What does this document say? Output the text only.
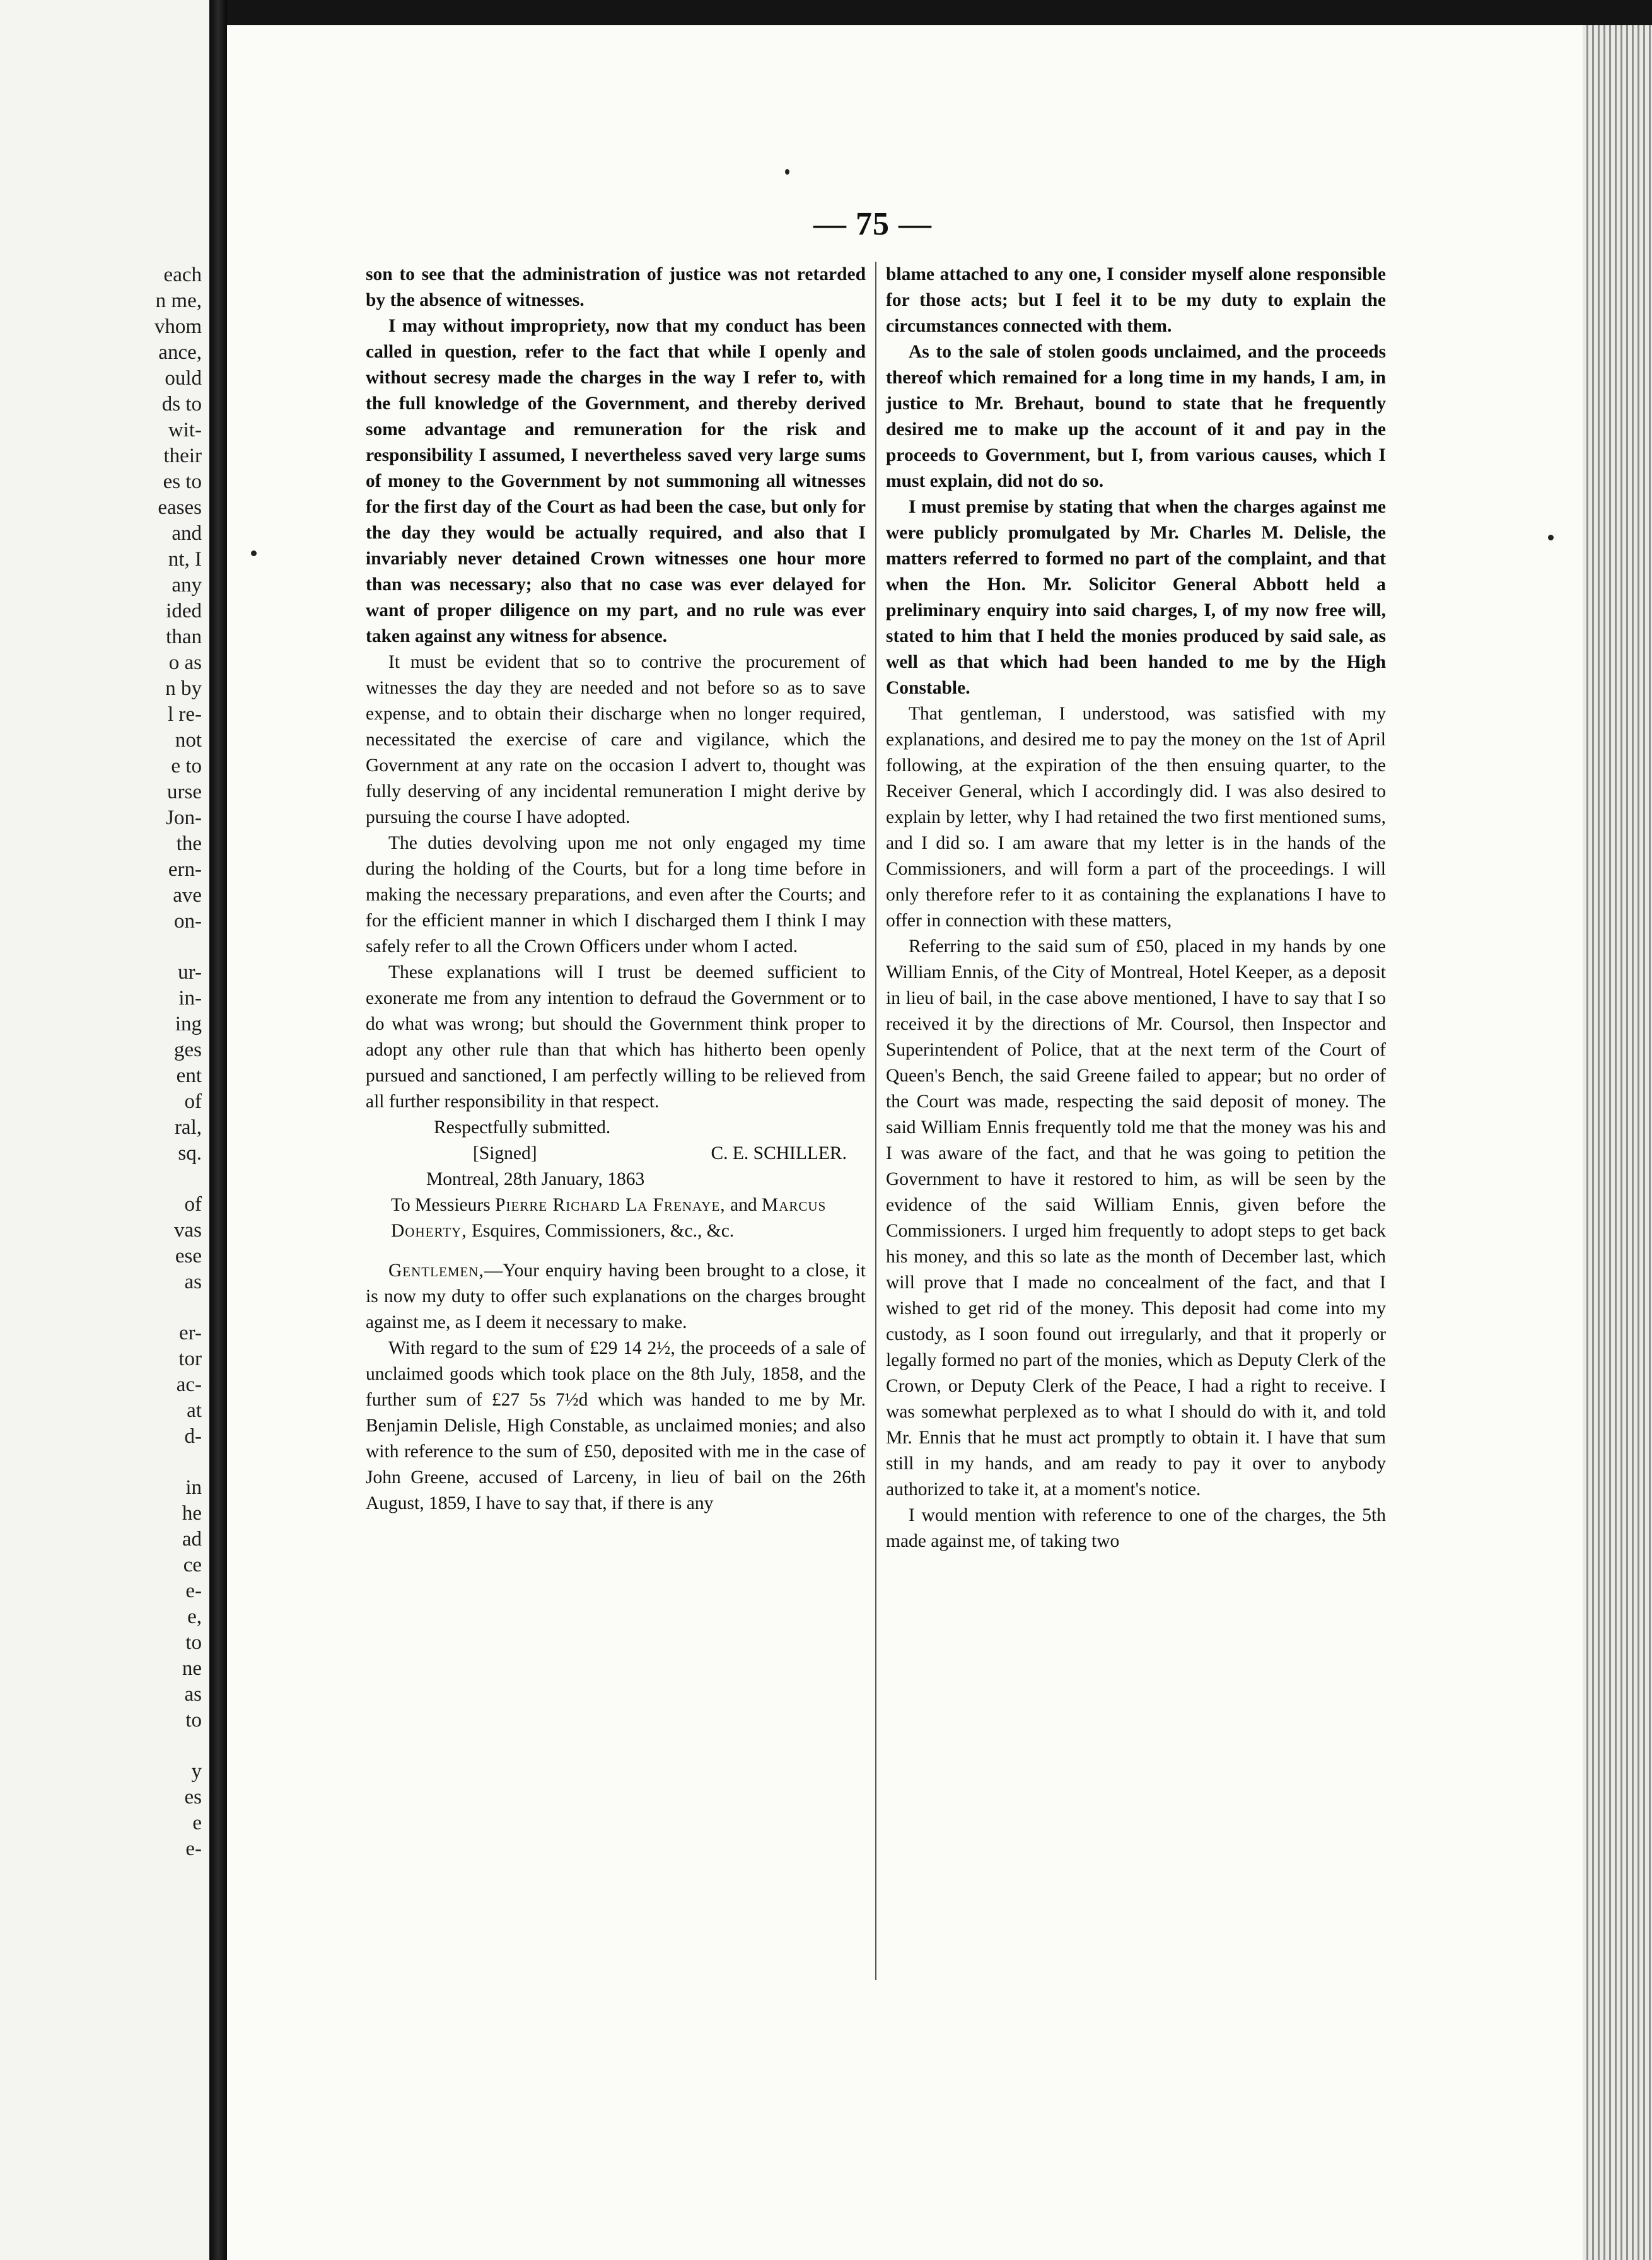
each
n me,
vhom
ance,
ould
ds to
wit-
their
es to
eases
and
nt, I
any
ided
than
o as
n by
l re-
not
e to
urse
Jon-
the
ern-
ave
on-
ur-
in-
ing
ges
ent
of
ral,
sq.
of
vas
ese
as
er-
tor
ac-
at
d-
in
he
ad
ce
e-
e,
to
ne
as
to
y
es
e
e-
— 75 —

son to see that the administration of justice was not retarded by the absence of witnesses.

I may without impropriety, now that my conduct has been called in question, refer to the fact that while I openly and without secresy made the charges in the way I refer to, with the full knowledge of the Government, and thereby derived some advantage and remuneration for the risk and responsibility I assumed, I nevertheless saved very large sums of money to the Government by not summoning all witnesses for the first day of the Court as had been the case, but only for the day they would be actually required, and also that I invariably never detained Crown witnesses one hour more than was necessary; also that no case was ever delayed for want of proper diligence on my part, and no rule was ever taken against any witness for absence.

It must be evident that so to contrive the procurement of witnesses the day they are needed and not before so as to save expense, and to obtain their discharge when no longer required, necessitated the exercise of care and vigilance, which the Government at any rate on the occasion I advert to, thought was fully deserving of any incidental remuneration I might derive by pursuing the course I have adopted.

The duties devolving upon me not only engaged my time during the holding of the Courts, but for a long time before in making the necessary preparations, and even after the Courts; and for the efficient manner in which I discharged them I think I may safely refer to all the Crown Officers under whom I acted.

These explanations will I trust be deemed sufficient to exonerate me from any intention to defraud the Government or to do what was wrong; but should the Government think proper to adopt any other rule than that which has hitherto been openly pursued and sanctioned, I am perfectly willing to be relieved from all further responsibility in that respect.

Respectfully submitted.

[Signed]	C. E. SCHILLER.

Montreal, 28th January, 1863

To Messieurs Pierre Richard La Frenaye, and Marcus Doherty, Esquires, Commissioners, &c., &c.

Gentlemen,—Your enquiry having been brought to a close, it is now my duty to offer such explanations on the charges brought against me, as I deem it necessary to make.

With regard to the sum of £29 14 2½, the proceeds of a sale of unclaimed goods which took place on the 8th July, 1858, and the further sum of £27 5s 7½d which was handed to me by Mr. Benjamin Delisle, High Constable, as unclaimed monies; and also with reference to the sum of £50, deposited with me in the case of John Greene, accused of Larceny, in lieu of bail on the 26th August, 1859, I have to say that, if there is any

blame attached to any one, I consider myself alone responsible for those acts; but I feel it to be my duty to explain the circumstances connected with them.

As to the sale of stolen goods unclaimed, and the proceeds thereof which remained for a long time in my hands, I am, in justice to Mr. Brehaut, bound to state that he frequently desired me to make up the account of it and pay in the proceeds to Government, but I, from various causes, which I must explain, did not do so.

I must premise by stating that when the charges against me were publicly promulgated by Mr. Charles M. Delisle, the matters referred to formed no part of the complaint, and that when the Hon. Mr. Solicitor General Abbott held a preliminary enquiry into said charges, I, of my now free will, stated to him that I held the monies produced by said sale, as well as that which had been handed to me by the High Constable.

That gentleman, I understood, was satisfied with my explanations, and desired me to pay the money on the 1st of April following, at the expiration of the then ensuing quarter, to the Receiver General, which I accordingly did. I was also desired to explain by letter, why I had retained the two first mentioned sums, and I did so. I am aware that my letter is in the hands of the Commissioners, and will form a part of the proceedings. I will only therefore refer to it as containing the explanations I have to offer in connection with these matters,

Referring to the said sum of £50, placed in my hands by one William Ennis, of the City of Montreal, Hotel Keeper, as a deposit in lieu of bail, in the case above mentioned, I have to say that I so received it by the directions of Mr. Coursol, then Inspector and Superintendent of Police, that at the next term of the Court of Queen's Bench, the said Greene failed to appear; but no order of the Court was made, respecting the said deposit of money. The said William Ennis frequently told me that the money was his and I was aware of the fact, and that he was going to petition the Government to have it restored to him, as will be seen by the evidence of the said William Ennis, given before the Commissioners. I urged him frequently to adopt steps to get back his money, and this so late as the month of December last, which will prove that I made no concealment of the fact, and that I wished to get rid of the money. This deposit had come into my custody, as I soon found out irregularly, and that it properly or legally formed no part of the monies, which as Deputy Clerk of the Crown, or Deputy Clerk of the Peace, I had a right to receive. I was somewhat perplexed as to what I should do with it, and told Mr. Ennis that he must act promptly to obtain it. I have that sum still in my hands, and am ready to pay it over to anybody authorized to take it, at a moment's notice.

I would mention with reference to one of the charges, the 5th made against me, of taking two
